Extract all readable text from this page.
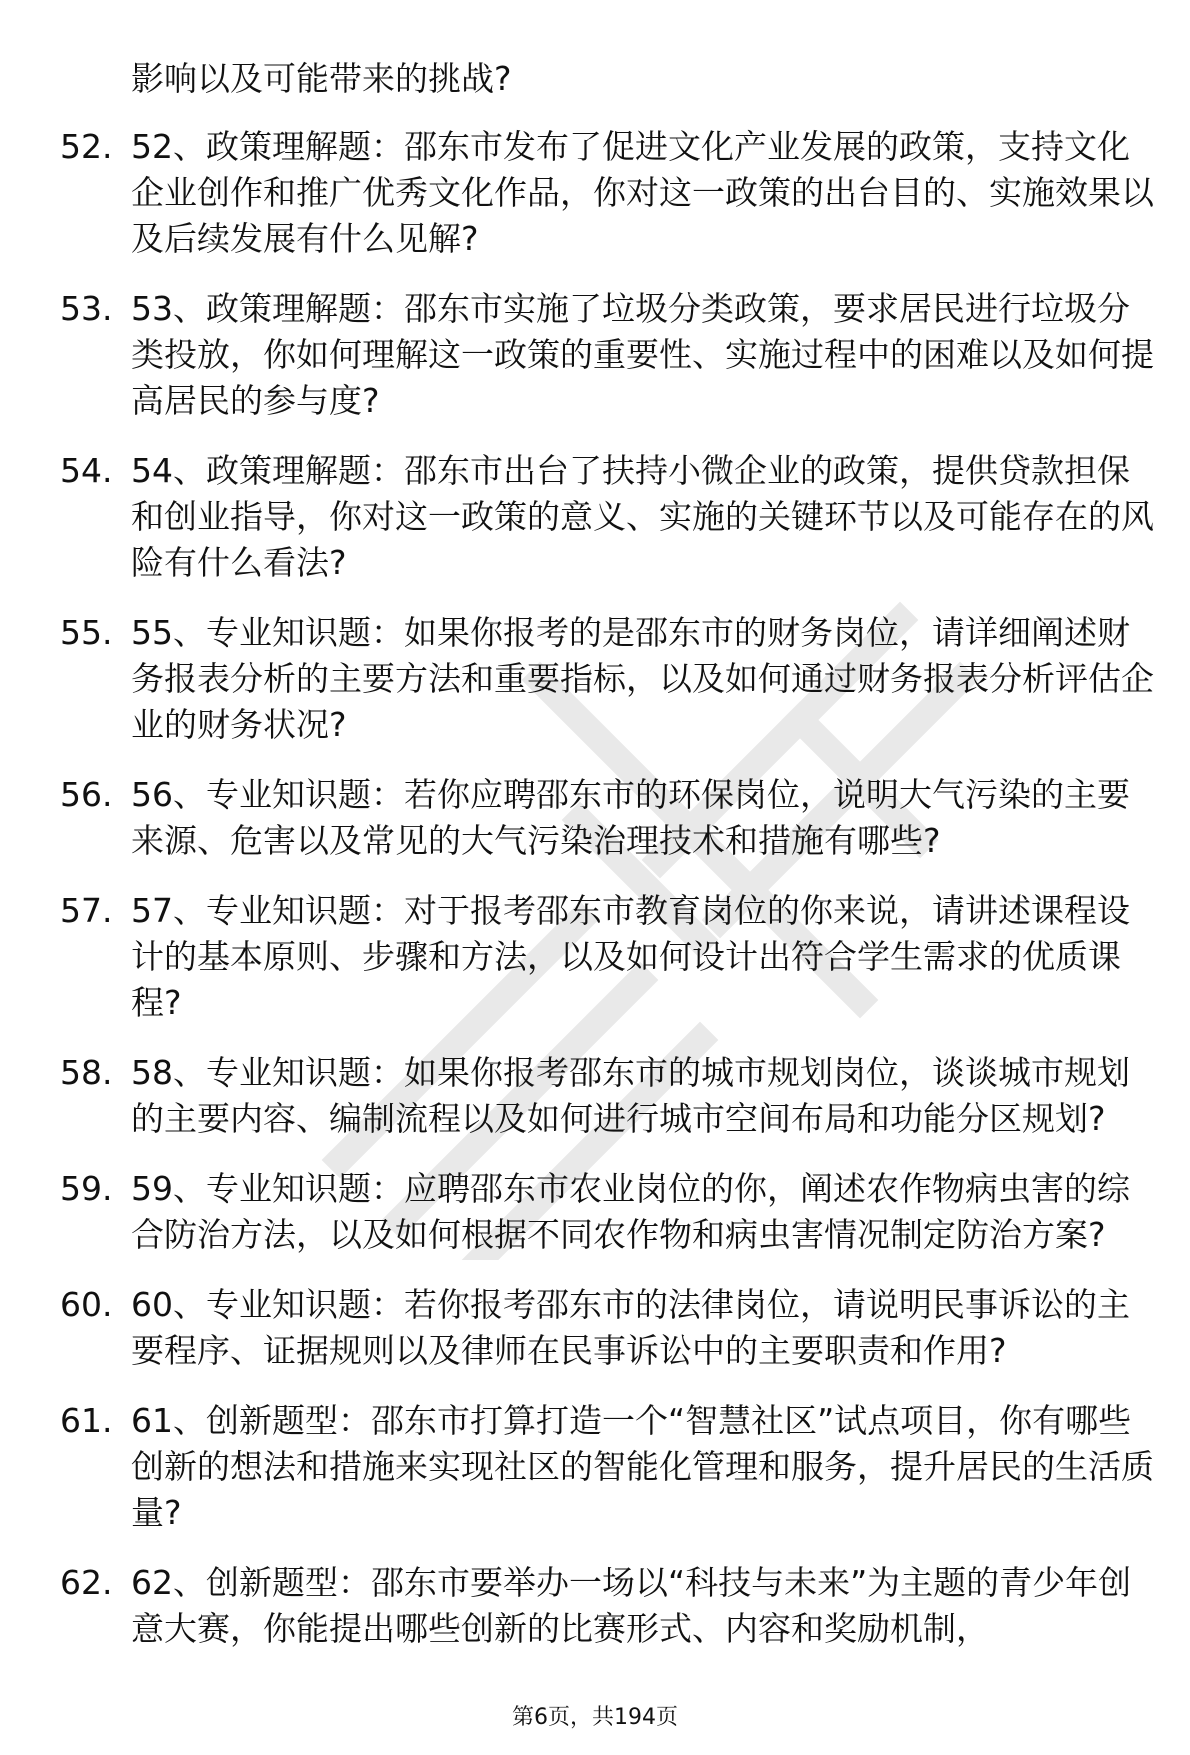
影响以及可能带来的挑战?

52. 52、政策理解题：邵东市发布了促进文化产业发展的政策，支持文化企业创作和推广优秀文化作品，你对这一政策的出台目的、实施效果以及后续发展有什么见解?
53. 53、政策理解题：邵东市实施了垃圾分类政策，要求居民进行垃圾分类投放，你如何理解这一政策的重要性、实施过程中的困难以及如何提高居民的参与度?
54. 54、政策理解题：邵东市出台了扶持小微企业的政策，提供贷款担保和创业指导，你对这一政策的意义、实施的关键环节以及可能存在的风险有什么看法?
55. 55、专业知识题：如果你报考的是邵东市的财务岗位，请详细阐述财务报表分析的主要方法和重要指标，以及如何通过财务报表分析评估企业的财务状况?
56. 56、专业知识题：若你应聘邵东市的环保岗位，说明大气污染的主要来源、危害以及常见的大气污染治理技术和措施有哪些?
57. 57、专业知识题：对于报考邵东市教育岗位的你来说，请讲述课程设计的基本原则、步骤和方法，以及如何设计出符合学生需求的优质课程?
58. 58、专业知识题：如果你报考邵东市的城市规划岗位，谈谈城市规划的主要内容、编制流程以及如何进行城市空间布局和功能分区规划?
59. 59、专业知识题：应聘邵东市农业岗位的你，阐述农作物病虫害的综合防治方法，以及如何根据不同农作物和病虫害情况制定防治方案?
60. 60、专业知识题：若你报考邵东市的法律岗位，请说明民事诉讼的主要程序、证据规则以及律师在民事诉讼中的主要职责和作用?
61. 61、创新题型：邵东市打算打造一个“智慧社区”试点项目，你有哪些创新的想法和措施来实现社区的智能化管理和服务，提升居民的生活质量?
62. 62、创新题型：邵东市要举办一场以“科技与未来”为主题的青少年创意大赛，你能提出哪些创新的比赛形式、内容和奖励机制，
第6页，共194页
